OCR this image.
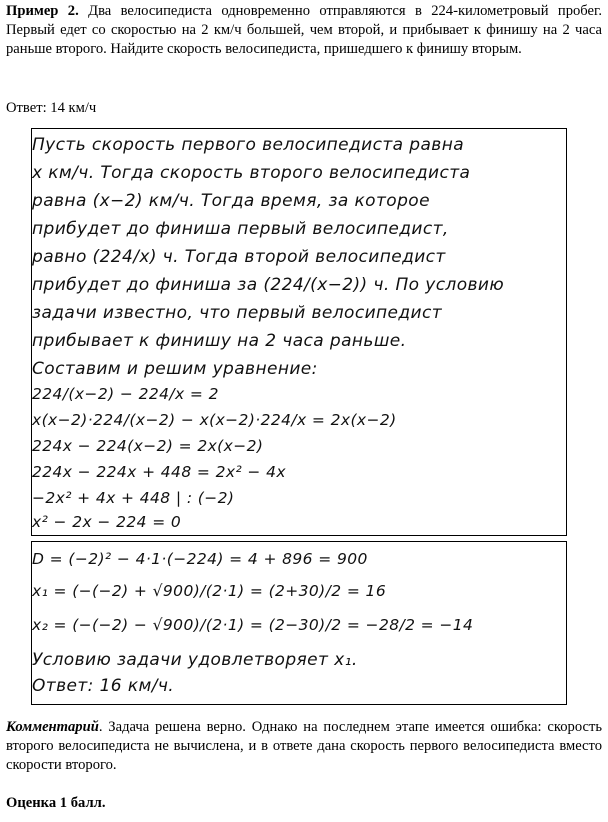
Пример 2. Два велосипедиста одновременно отправляются в 224-километровый пробег. Первый едет со скоростью на 2 км/ч большей, чем второй, и прибывает к финишу на 2 часа раньше второго. Найдите скорость велосипедиста, пришедшего к финишу вторым.
Ответ: 14 км/ч
Пусть скорость первого велосипедиста равна
x км/ч. Тогда скорость второго велосипедиста
равна (x−2) км/ч. Тогда время, за которое
прибудет до финиша первый велосипедист,
равно (224/x) ч. Тогда второй велосипедист
прибудет до финиша за (224/(x−2)) ч. По условию
задачи известно, что первый велосипедист
прибывает к финишу на 2 часа раньше.
Составим и решим уравнение:
224/(x−2) − 224/x = 2
x(x−2)·224/(x−2) − x(x−2)·224/x = 2x(x−2)
224x − 224(x−2) = 2x(x−2)
224x − 224x + 448 = 2x² − 4x
−2x² + 4x + 448 | : (−2)
x² − 2x − 224 = 0
D = (−2)² − 4·1·(−224) = 4 + 896 = 900
x₁ = (−(−2) + √900)/(2·1) = (2+30)/2 = 16
x₂ = (−(−2) − √900)/(2·1) = (2−30)/2 = −28/2 = −14
Условию задачи удовлетворяет x₁.
Ответ: 16 км/ч.
Комментарий. Задача решена верно. Однако на последнем этапе имеется ошибка: скорость второго велосипедиста не вычислена, и в ответе дана скорость первого велосипедиста вместо скорости второго.
Оценка 1 балл.
